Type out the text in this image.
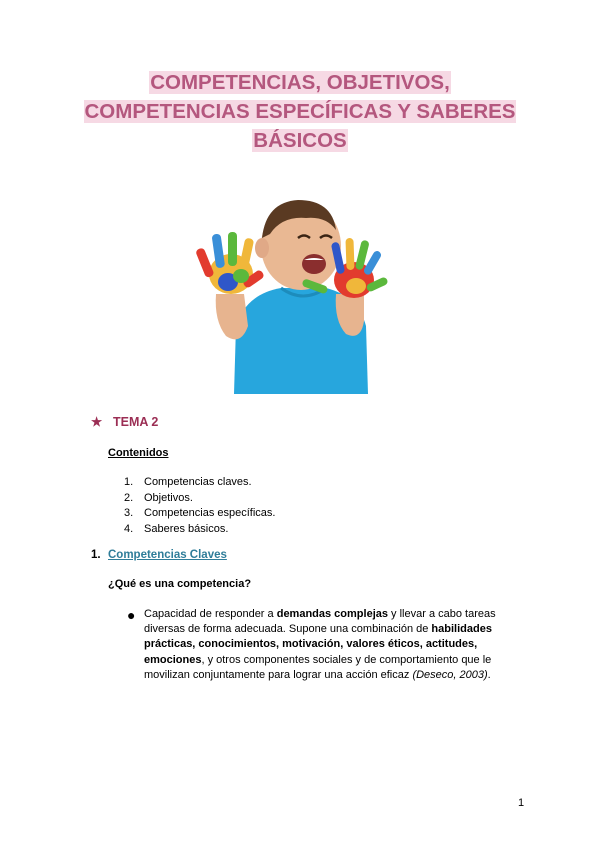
COMPETENCIAS, OBJETIVOS,
COMPETENCIAS ESPECÍFICAS Y SABERES
BÁSICOS
★ TEMA 2
Contenidos
1. Competencias claves.
2. Objetivos.
3. Competencias específicas.
4. Saberes básicos.
1. Competencias Claves
¿Qué es una competencia?
● Capacidad de responder a demandas complejas y llevar a cabo tareas diversas de forma adecuada. Supone una combinación de habilidades prácticas, conocimientos, motivación, valores éticos, actitudes, emociones, y otros componentes sociales y de comportamiento que le movilizan conjuntamente para lograr una acción eficaz (Deseco, 2003).
1
